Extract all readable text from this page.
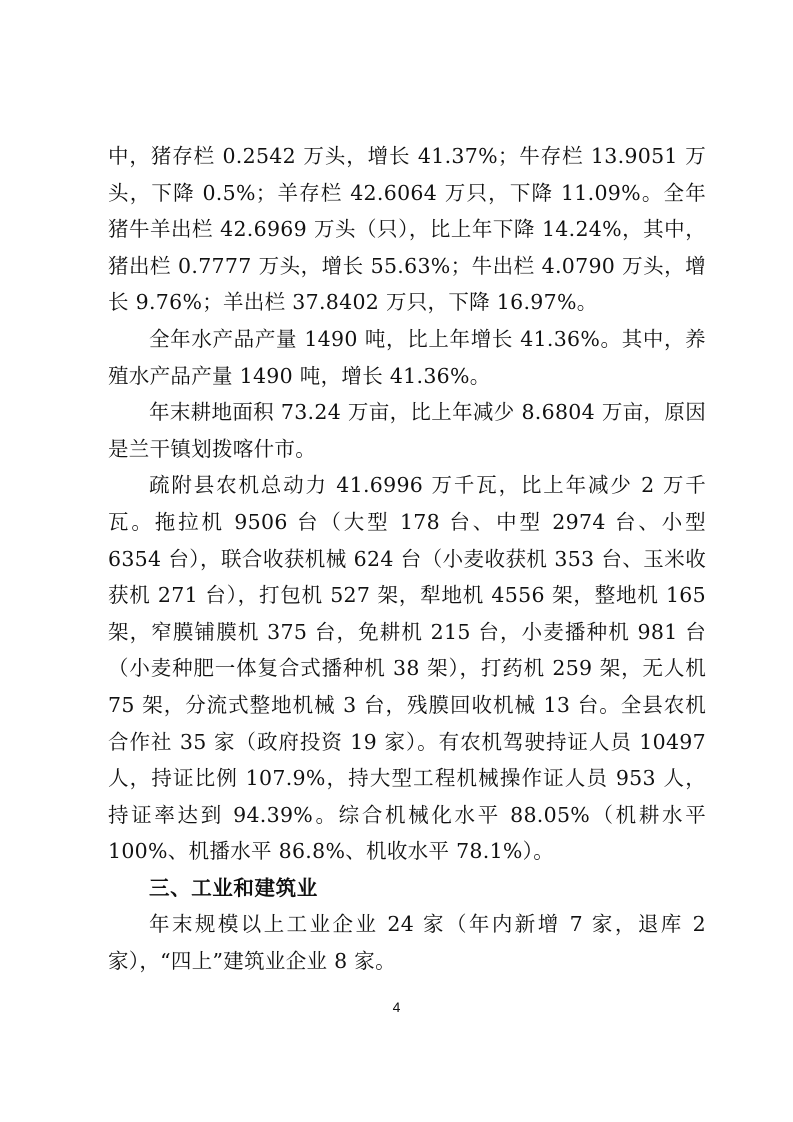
中，猪存栏 0.2542 万头，增长 41.37%；牛存栏 13.9051 万头，下降 0.5%；羊存栏 42.6064 万只，下降 11.09%。全年猪牛羊出栏 42.6969 万头（只），比上年下降 14.24%，其中，猪出栏 0.7777 万头，增长 55.63%；牛出栏 4.0790 万头，增长 9.76%；羊出栏 37.8402 万只，下降 16.97%。

全年水产品产量 1490 吨，比上年增长 41.36%。其中，养殖水产品产量 1490 吨，增长 41.36%。

年末耕地面积 73.24 万亩，比上年减少 8.6804 万亩，原因是兰干镇划拨喀什市。

疏附县农机总动力 41.6996 万千瓦，比上年减少 2 万千瓦。拖拉机 9506 台（大型 178 台、中型 2974 台、小型 6354 台），联合收获机械 624 台（小麦收获机 353 台、玉米收获机 271 台），打包机 527 架，犁地机 4556 架，整地机 165 架，窄膜铺膜机 375 台，免耕机 215 台，小麦播种机 981 台（小麦种肥一体复合式播种机 38 架），打药机 259 架，无人机 75 架，分流式整地机械 3 台，残膜回收机械 13 台。全县农机合作社 35 家（政府投资 19 家）。有农机驾驶持证人员 10497 人，持证比例 107.9%，持大型工程机械操作证人员 953 人，持证率达到 94.39%。综合机械化水平 88.05%（机耕水平 100%、机播水平 86.8%、机收水平 78.1%）。

三、工业和建筑业

年末规模以上工业企业 24 家（年内新增 7 家，退库 2 家），“四上”建筑业企业 8 家。

4
